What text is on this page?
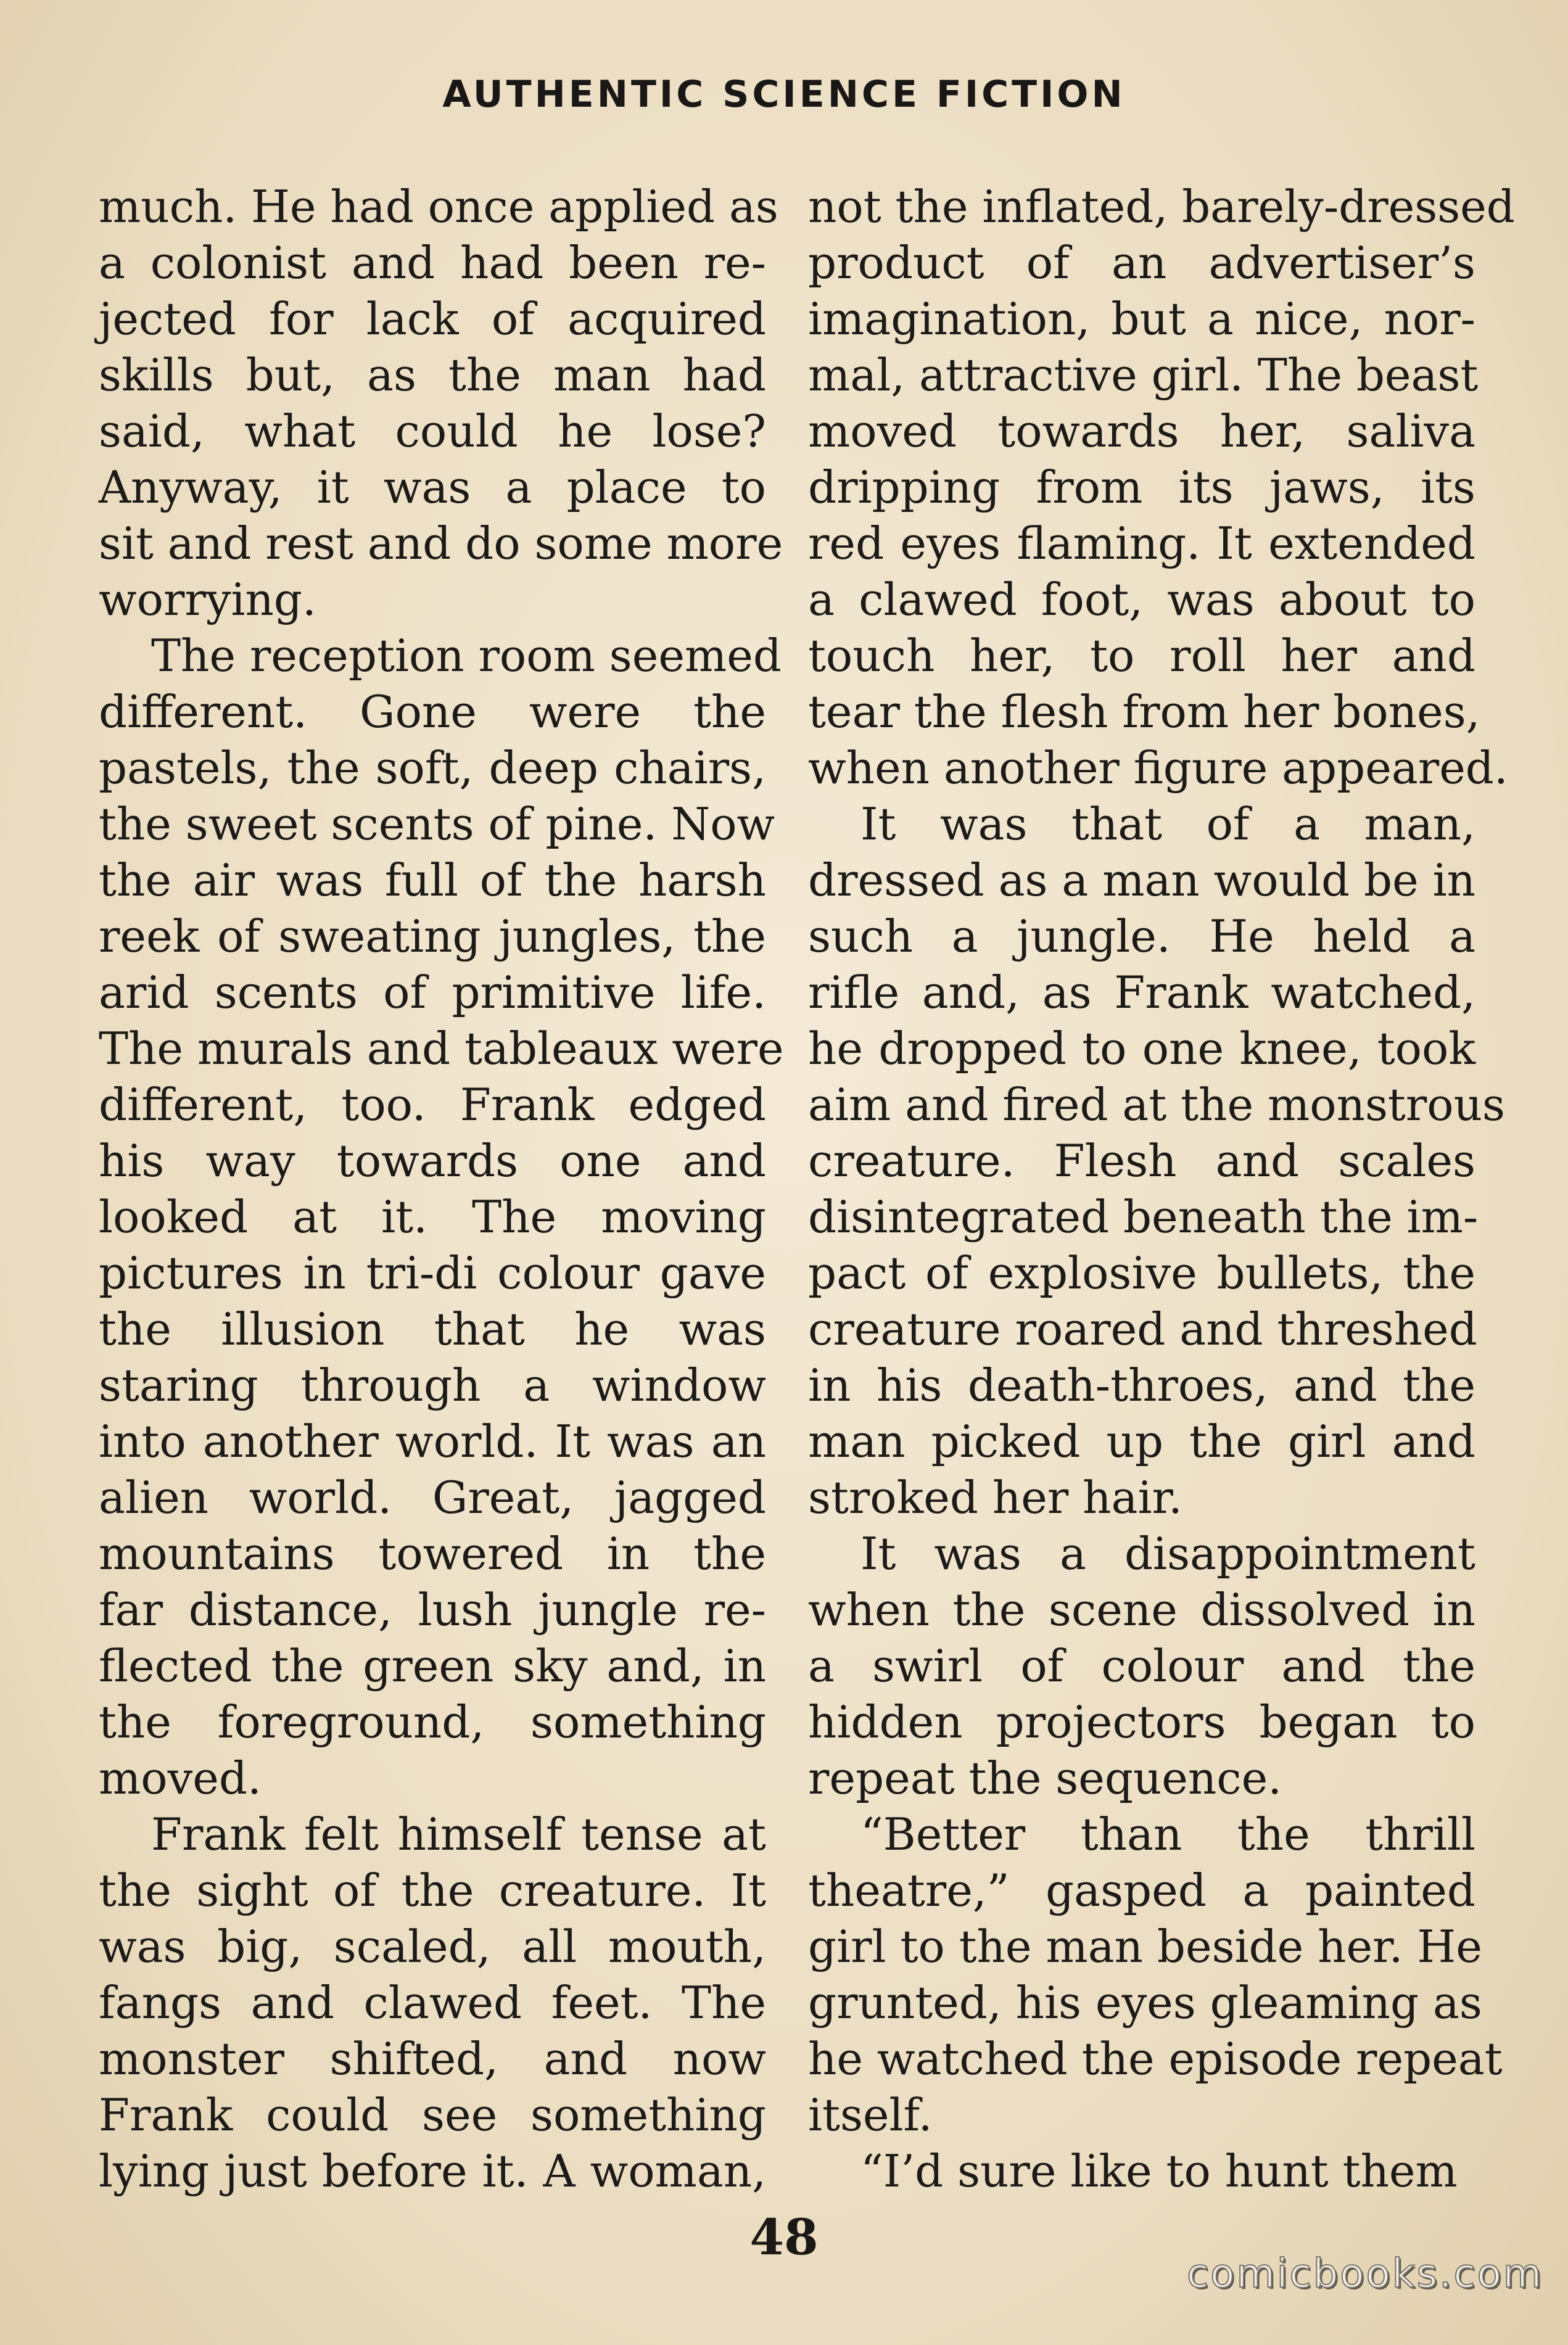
AUTHENTIC SCIENCE FICTION
much. He had once applied as
a colonist and had been re-
jected for lack of acquired
skills but, as the man had
said, what could he lose?
Anyway, it was a place to
sit and rest and do some more
worrying.
The reception room seemed
different. Gone were the
pastels, the soft, deep chairs,
the sweet scents of pine. Now
the air was full of the harsh
reek of sweating jungles, the
arid scents of primitive life.
The murals and tableaux were
different, too. Frank edged
his way towards one and
looked at it. The moving
pictures in tri-di colour gave
the illusion that he was
staring through a window
into another world. It was an
alien world. Great, jagged
mountains towered in the
far distance, lush jungle re-
flected the green sky and, in
the foreground, something
moved.
Frank felt himself tense at
the sight of the creature. It
was big, scaled, all mouth,
fangs and clawed feet. The
monster shifted, and now
Frank could see something
lying just before it. A woman,
not the inflated, barely-dressed
product of an advertiser’s
imagination, but a nice, nor-
mal, attractive girl. The beast
moved towards her, saliva
dripping from its jaws, its
red eyes flaming. It extended
a clawed foot, was about to
touch her, to roll her and
tear the flesh from her bones,
when another figure appeared.
It was that of a man,
dressed as a man would be in
such a jungle. He held a
rifle and, as Frank watched,
he dropped to one knee, took
aim and fired at the monstrous
creature. Flesh and scales
disintegrated beneath the im-
pact of explosive bullets, the
creature roared and threshed
in his death-throes, and the
man picked up the girl and
stroked her hair.
It was a disappointment
when the scene dissolved in
a swirl of colour and the
hidden projectors began to
repeat the sequence.
“Better than the thrill
theatre,” gasped a painted
girl to the man beside her. He
grunted, his eyes gleaming as
he watched the episode repeat
itself.
“I’d sure like to hunt them
48
comicbooks.com
